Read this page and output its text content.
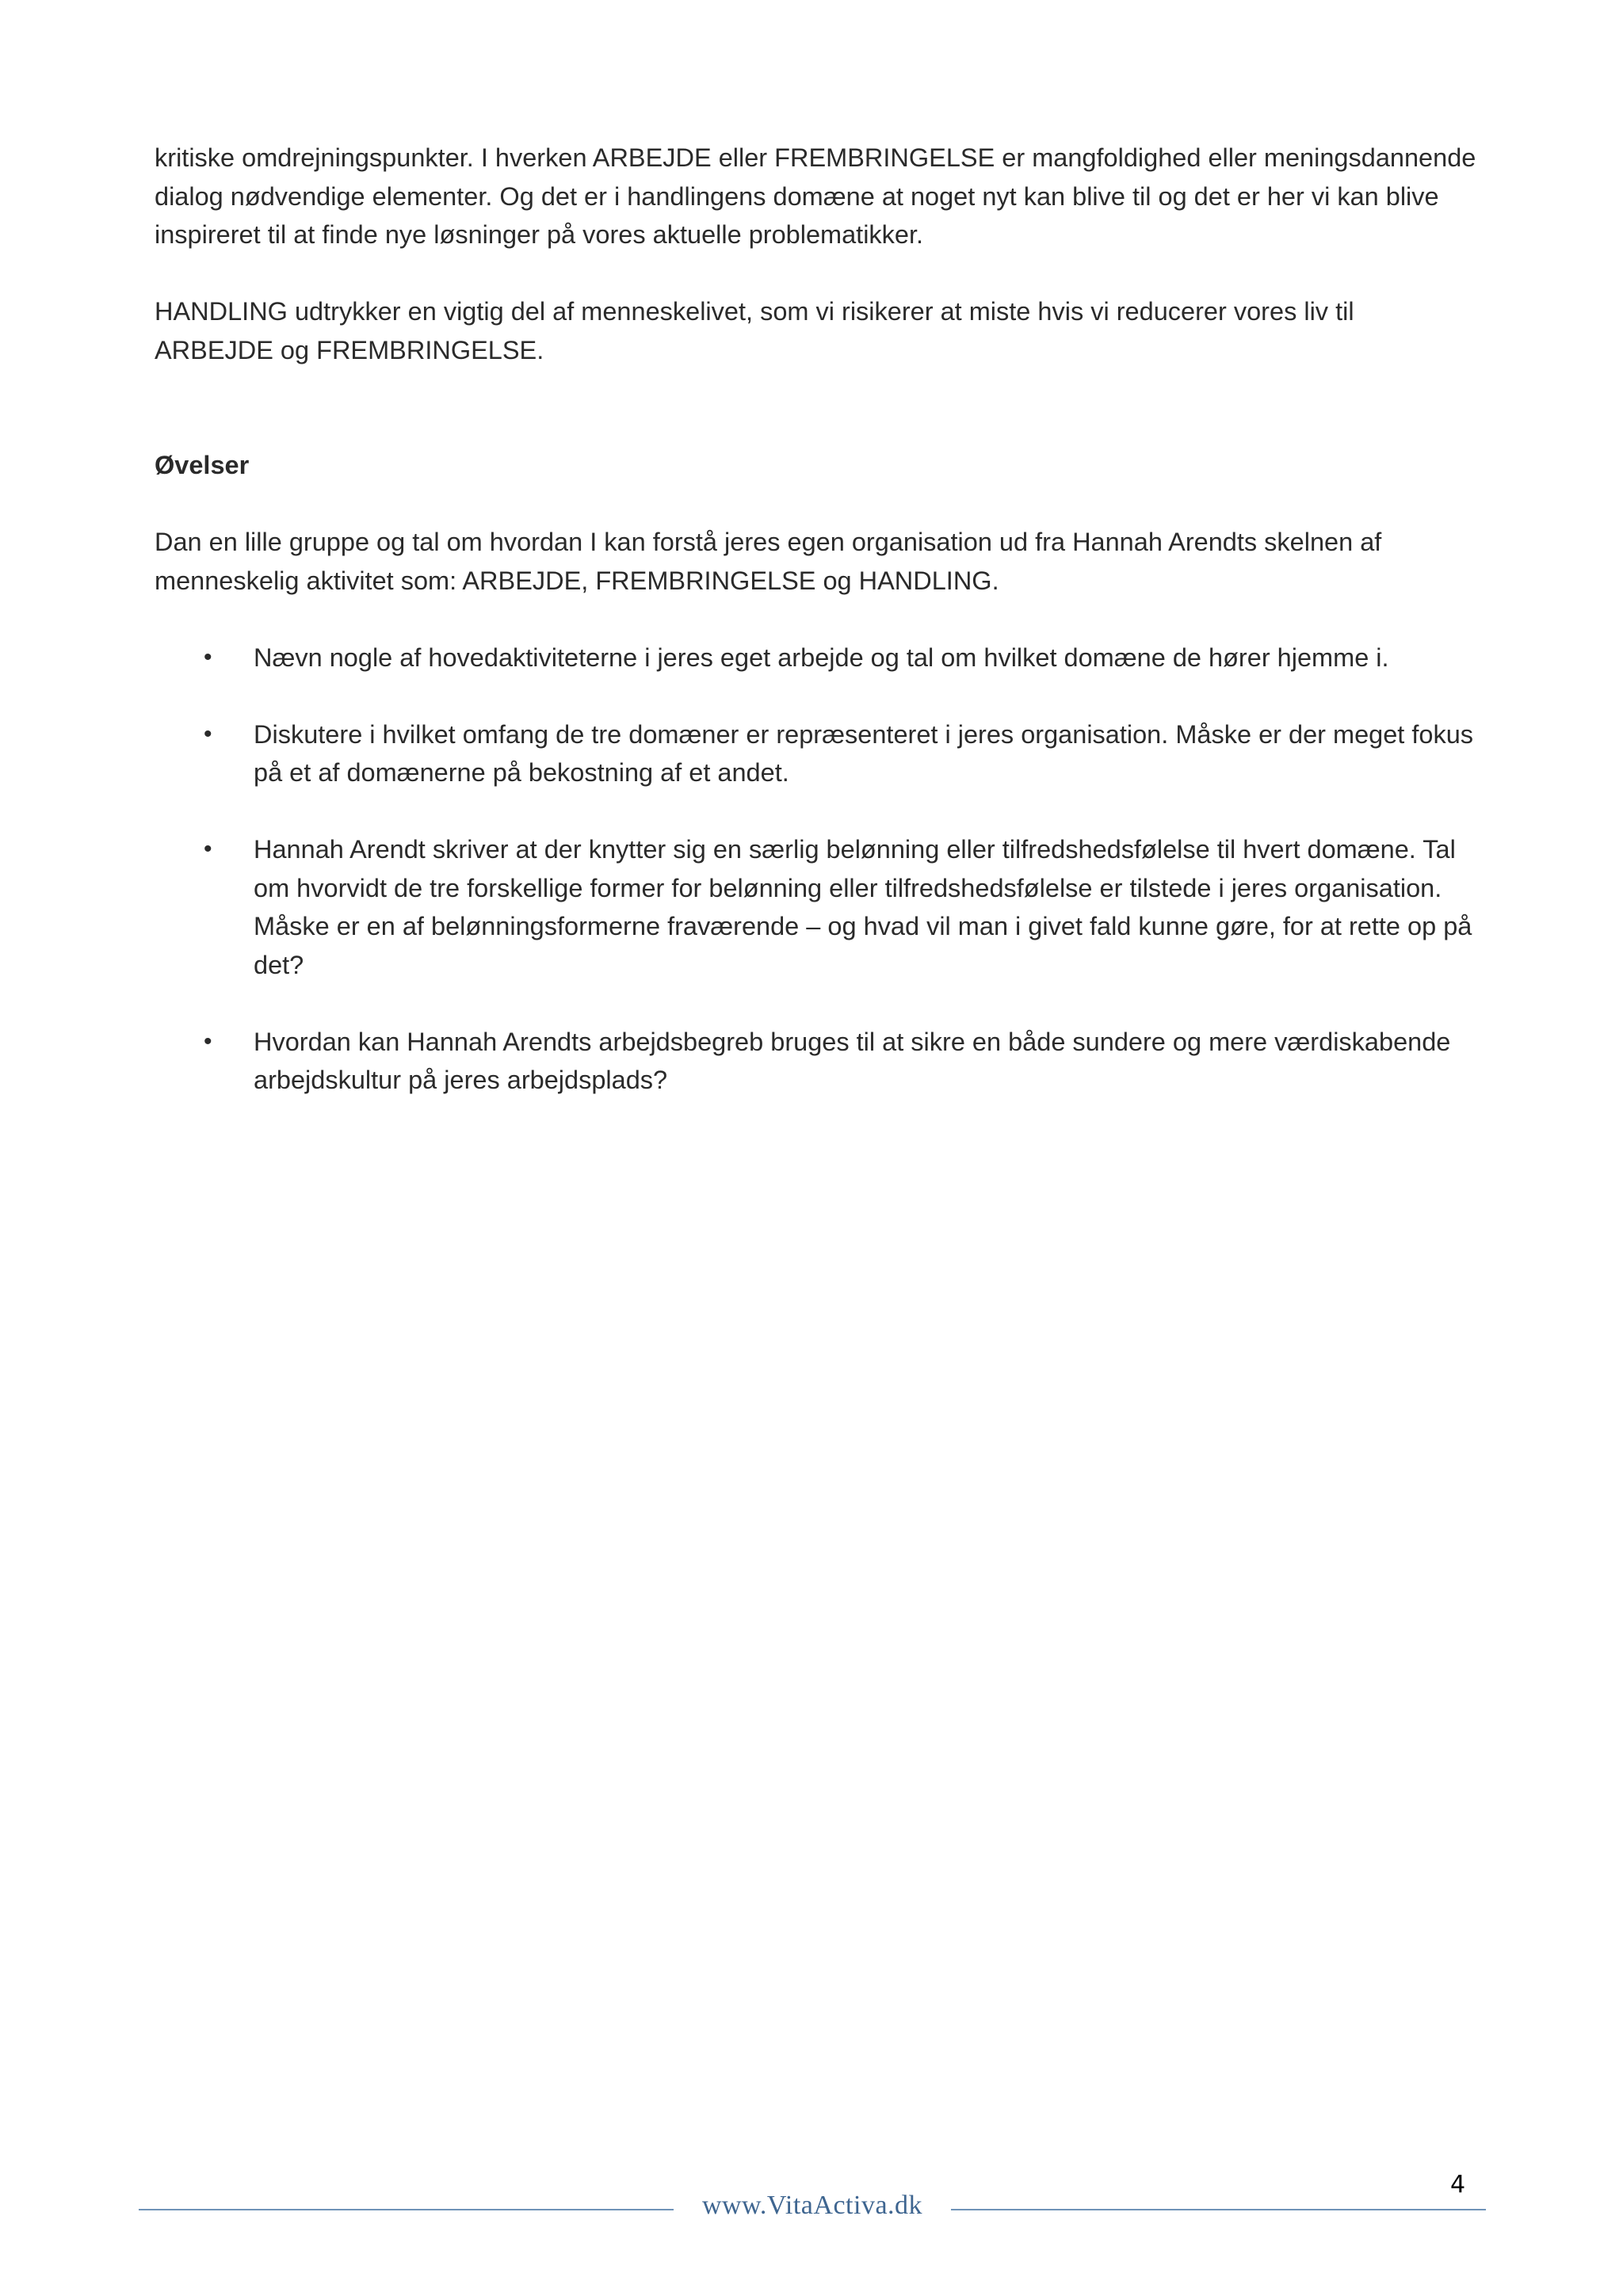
kritiske omdrejningspunkter. I hverken ARBEJDE eller FREMBRINGELSE er mangfoldighed eller meningsdannende dialog nødvendige elementer. Og det er i handlingens domæne at noget nyt kan blive til og det er her vi kan blive inspireret til at finde nye løsninger på vores aktuelle problematikker.

HANDLING udtrykker en vigtig del af menneskelivet, som vi risikerer at miste hvis vi reducerer vores liv til ARBEJDE og FREMBRINGELSE.

Øvelser

Dan en lille gruppe og tal om hvordan I kan forstå jeres egen organisation ud fra Hannah Arendts skelnen af menneskelig aktivitet som: ARBEJDE, FREMBRINGELSE og HANDLING.

• Nævn nogle af hovedaktiviteterne i jeres eget arbejde og tal om hvilket domæne de hører hjemme i.
• Diskutere i hvilket omfang de tre domæner er repræsenteret i jeres organisation. Måske er der meget fokus på et af domænerne på bekostning af et andet.
• Hannah Arendt skriver at der knytter sig en særlig belønning eller tilfredshedsfølelse til hvert domæne. Tal om hvorvidt de tre forskellige former for belønning eller tilfredshedsfølelse er tilstede i jeres organisation. Måske er en af belønningsformerne fraværende – og hvad vil man i givet fald kunne gøre, for at rette op på det?
• Hvordan kan Hannah Arendts arbejdsbegreb bruges til at sikre en både sundere og mere værdiskabende arbejdskultur på jeres arbejdsplads?
4
www.VitaActiva.dk
